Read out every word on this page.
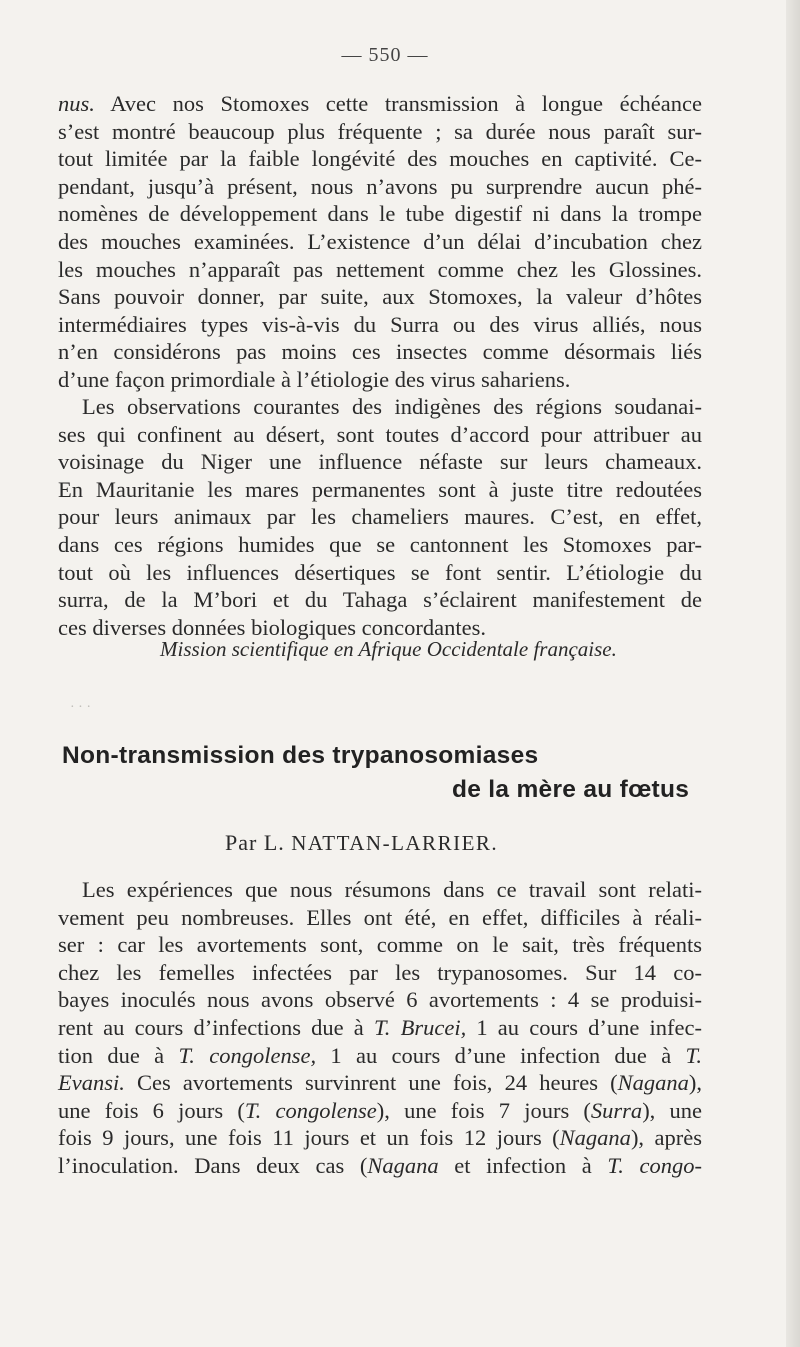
— 550 —
nus. Avec nos Stomoxes cette transmission à longue échéance
s’est montré beaucoup plus fréquente ; sa durée nous paraît sur-
tout limitée par la faible longévité des mouches en captivité. Ce-
pendant, jusqu’à présent, nous n’avons pu surprendre aucun phé-
nomènes de développement dans le tube digestif ni dans la trompe
des mouches examinées. L’existence d’un délai d’incubation chez
les mouches n’apparaît pas nettement comme chez les Glossines.
Sans pouvoir donner, par suite, aux Stomoxes, la valeur d’hôtes
intermédiaires types vis-à-vis du Surra ou des virus alliés, nous
n’en considérons pas moins ces insectes comme désormais liés
d’une façon primordiale à l’étiologie des virus sahariens.
Les observations courantes des indigènes des régions soudanai-
ses qui confinent au désert, sont toutes d’accord pour attribuer au
voisinage du Niger une influence néfaste sur leurs chameaux.
En Mauritanie les mares permanentes sont à juste titre redoutées
pour leurs animaux par les chameliers maures. C’est, en effet,
dans ces régions humides que se cantonnent les Stomoxes par-
tout où les influences désertiques se font sentir. L’étiologie du
surra, de la M’bori et du Tahaga s’éclairent manifestement de
ces diverses données biologiques concordantes.
Mission scientifique en Afrique Occidentale française.
· · ·
Non-transmission des trypanosomiases
de la mère au fœtus
Par L. NATTAN-LARRIER.
Les expériences que nous résumons dans ce travail sont relati-
vement peu nombreuses. Elles ont été, en effet, difficiles à réali-
ser : car les avortements sont, comme on le sait, très fréquents
chez les femelles infectées par les trypanosomes. Sur 14 co-
bayes inoculés nous avons observé 6 avortements : 4 se produisi-
rent au cours d’infections due à T. Brucei, 1 au cours d’une infec-
tion due à T. congolense, 1 au cours d’une infection due à T.
Evansi. Ces avortements survinrent une fois, 24 heures (Nagana),
une fois 6 jours (T. congolense), une fois 7 jours (Surra), une
fois 9 jours, une fois 11 jours et un fois 12 jours (Nagana), après
l’inoculation. Dans deux cas (Nagana et infection à T. congo-
